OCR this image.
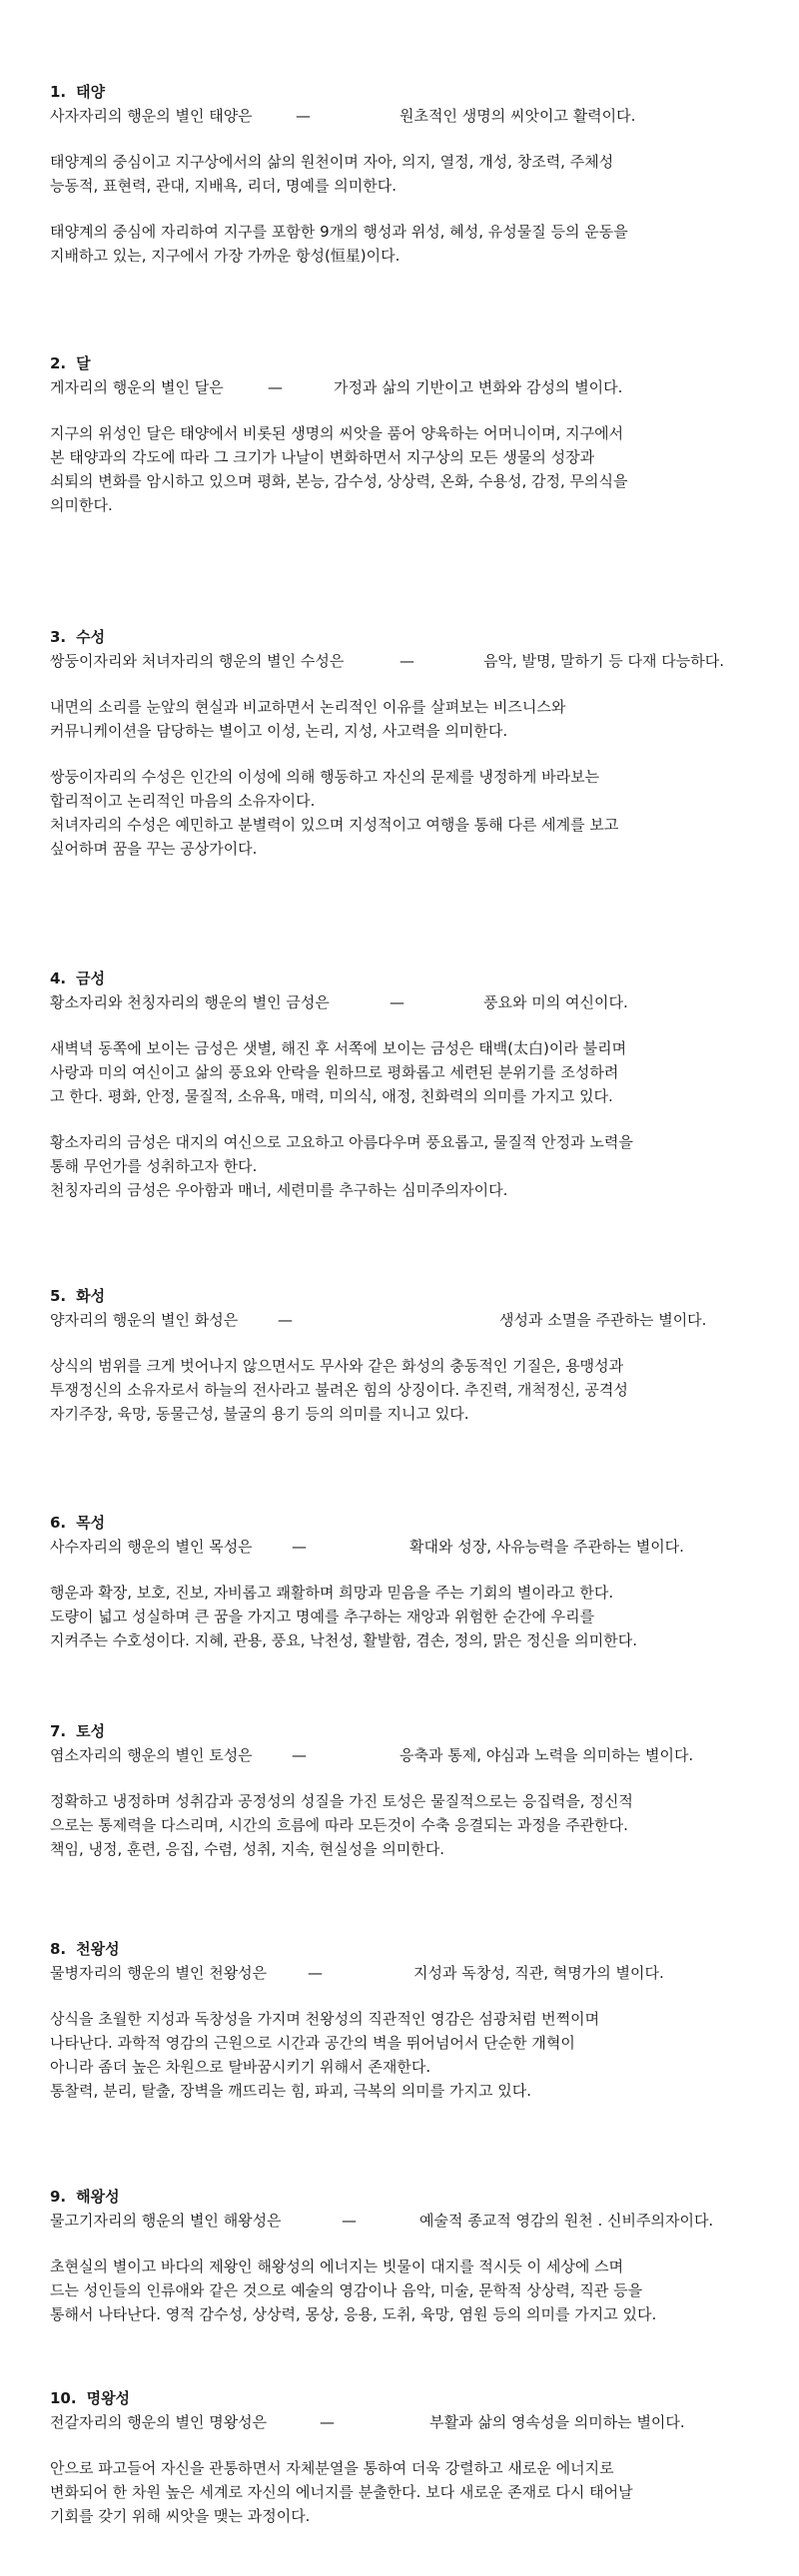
1. 태양
사자자리의 행운의 별인 태양은	—	원초적인 생명의 씨앗이고 활력이다.
태양계의 중심이고 지구상에서의 삶의 원천이며 자아, 의지, 열정, 개성, 창조력, 주체성
능동적, 표현력, 관대, 지배욕, 리더, 명예를 의미한다.
태양계의 중심에 자리하여 지구를 포함한 9개의 행성과 위성, 혜성, 유성물질 등의 운동을
지배하고 있는, 지구에서 가장 가까운 항성(恒星)이다.
2. 달
게자리의 행운의 별인 달은	—	가정과 삶의 기반이고 변화와 감성의 별이다.
지구의 위성인 달은 태양에서 비롯된 생명의 씨앗을 품어 양육하는 어머니이며, 지구에서
본 태양과의 각도에 따라 그 크기가 나날이 변화하면서 지구상의 모든 생물의 성장과
쇠퇴의 변화를 암시하고 있으며 평화, 본능, 감수성, 상상력, 온화, 수용성, 감정, 무의식을
의미한다.
3. 수성
쌍둥이자리와 처녀자리의 행운의 별인 수성은	—	음악, 발명, 말하기 등 다재 다능하다.
내면의 소리를 눈앞의 현실과 비교하면서 논리적인 이유를 살펴보는 비즈니스와
커뮤니케이션을 담당하는 별이고 이성, 논리, 지성, 사고력을 의미한다.
쌍둥이자리의 수성은 인간의 이성에 의해 행동하고 자신의 문제를 냉정하게 바라보는
합리적이고 논리적인 마음의 소유자이다.
처녀자리의 수성은 예민하고 분별력이 있으며 지성적이고 여행을 통해 다른 세계를 보고
싶어하며 꿈을 꾸는 공상가이다.
4. 금성
황소자리와 천칭자리의 행운의 별인 금성은	—	풍요와 미의 여신이다.
새벽녁 동쪽에 보이는 금성은 샛별, 해진 후 서쪽에 보이는 금성은 태백(太白)이라 불리며
사랑과 미의 여신이고 삶의 풍요와 안락을 원하므로 평화롭고 세련된 분위기를 조성하려
고 한다. 평화, 안정, 물질적, 소유욕, 매력, 미의식, 애정, 친화력의 의미를 가지고 있다.
황소자리의 금성은 대지의 여신으로 고요하고 아름다우며 풍요롭고, 물질적 안정과 노력을
통해 무언가를 성취하고자 한다.
천칭자리의 금성은 우아함과 매너, 세련미를 추구하는 심미주의자이다.
5. 화성
양자리의 행운의 별인 화성은	—	생성과 소멸을 주관하는 별이다.
상식의 범위를 크게 벗어나지 않으면서도 무사와 같은 화성의 충동적인 기질은, 용맹성과
투쟁정신의 소유자로서 하늘의 전사라고 불려온 힘의 상징이다. 추진력, 개척정신, 공격성
자기주장, 육망, 동물근성, 불굴의 용기 등의 의미를 지니고 있다.
6. 목성
사수자리의 행운의 별인 목성은	—	확대와 성장, 사유능력을 주관하는 별이다.
행운과 확장, 보호, 진보, 자비롭고 쾌활하며 희망과 믿음을 주는 기회의 별이라고 한다.
도량이 넓고 성실하며 큰 꿈을 가지고 명예를 추구하는 재앙과 위험한 순간에 우리를
지켜주는 수호성이다. 지혜, 관용, 풍요, 낙천성, 활발함, 겸손, 정의, 맑은 정신을 의미한다.
7. 토성
염소자리의 행운의 별인 토성은	—	응축과 통제, 야심과 노력을 의미하는 별이다.
정확하고 냉정하며 성취감과 공정성의 성질을 가진 토성은 물질적으로는 응집력을, 정신적
으로는 통제력을 다스리며, 시간의 흐름에 따라 모든것이 수축 응결되는 과정을 주관한다.
책임, 냉정, 훈련, 응집, 수렴, 성취, 지속, 현실성을 의미한다.
8. 천왕성
물병자리의 행운의 별인 천왕성은	—	지성과 독창성, 직관, 혁명가의 별이다.
상식을 초월한 지성과 독창성을 가지며 천왕성의 직관적인 영감은 섬광처럼 번쩍이며
나타난다. 과학적 영감의 근원으로 시간과 공간의 벽을 뛰어넘어서 단순한 개혁이
아니라 좀더 높은 차원으로 탈바꿈시키기 위해서 존재한다.
통찰력, 분리, 탈출, 장벽을 깨뜨리는 힘, 파괴, 극복의 의미를 가지고 있다.
9. 해왕성
물고기자리의 행운의 별인 해왕성은	—	예술적 종교적 영감의 원천 . 신비주의자이다.
초현실의 별이고 바다의 제왕인 해왕성의 에너지는 빗물이 대지를 적시듯 이 세상에 스며
드는 성인들의 인류애와 같은 것으로 예술의 영감이나 음악, 미술, 문학적 상상력, 직관 등을
통해서 나타난다. 영적 감수성, 상상력, 몽상, 응용, 도취, 육망, 염원 등의 의미를 가지고 있다.
10. 명왕성
전갈자리의 행운의 별인 명왕성은	—	부활과 삶의 영속성을 의미하는 별이다.
안으로 파고들어 자신을 관통하면서 자체분열을 통하여 더욱 강렬하고 새로운 에너지로
변화되어 한 차원 높은 세계로 자신의 에너지를 분출한다. 보다 새로운 존재로 다시 태어날
기회를 갖기 위해 씨앗을 맺는 과정이다.
